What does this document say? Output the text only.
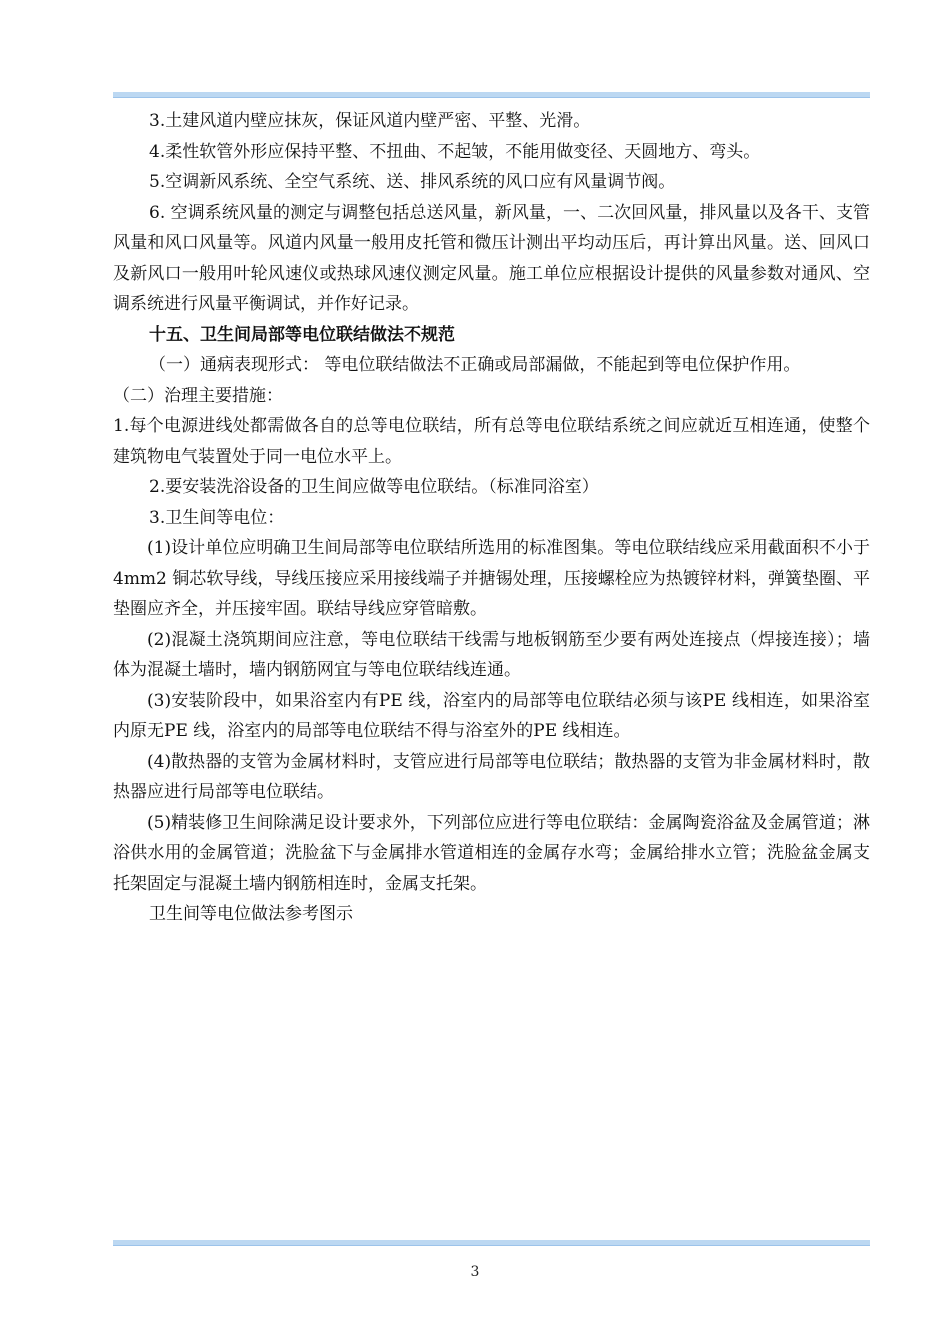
3.土建风道内壁应抹灰，保证风道内壁严密、平整、光滑。

4.柔性软管外形应保持平整、不扭曲、不起皱，不能用做变径、天圆地方、弯头。

5.空调新风系统、全空气系统、送、排风系统的风口应有风量调节阀。

6. 空调系统风量的测定与调整包括总送风量，新风量，一、二次回风量，排风量以及各干、支管风量和风口风量等。风道内风量一般用皮托管和微压计测出平均动压后，再计算出风量。送、回风口及新风口一般用叶轮风速仪或热球风速仪测定风量。施工单位应根据设计提供的风量参数对通风、空调系统进行风量平衡调试，并作好记录。

十五、卫生间局部等电位联结做法不规范

（一）通病表现形式： 等电位联结做法不正确或局部漏做，不能起到等电位保护作用。

（二）治理主要措施：

1.每个电源进线处都需做各自的总等电位联结，所有总等电位联结系统之间应就近互相连通，使整个建筑物电气装置处于同一电位水平上。

2.要安装洗浴设备的卫生间应做等电位联结。（标准同浴室）

3.卫生间等电位：

(1)设计单位应明确卫生间局部等电位联结所选用的标准图集。等电位联结线应采用截面积不小于4mm2 铜芯软导线，导线压接应采用接线端子并搪锡处理，压接螺栓应为热镀锌材料，弹簧垫圈、平垫圈应齐全，并压接牢固。联结导线应穿管暗敷。

(2)混凝土浇筑期间应注意，等电位联结干线需与地板钢筋至少要有两处连接点（焊接连接）；墙体为混凝土墙时，墙内钢筋网宜与等电位联结线连通。

(3)安装阶段中，如果浴室内有PE 线，浴室内的局部等电位联结必须与该PE 线相连，如果浴室内原无PE 线，浴室内的局部等电位联结不得与浴室外的PE 线相连。

(4)散热器的支管为金属材料时，支管应进行局部等电位联结；散热器的支管为非金属材料时，散热器应进行局部等电位联结。

(5)精装修卫生间除满足设计要求外，下列部位应进行等电位联结：金属陶瓷浴盆及金属管道；淋浴供水用的金属管道；洗脸盆下与金属排水管道相连的金属存水弯；金属给排水立管；洗脸盆金属支托架固定与混凝土墙内钢筋相连时，金属支托架。

卫生间等电位做法参考图示

3
